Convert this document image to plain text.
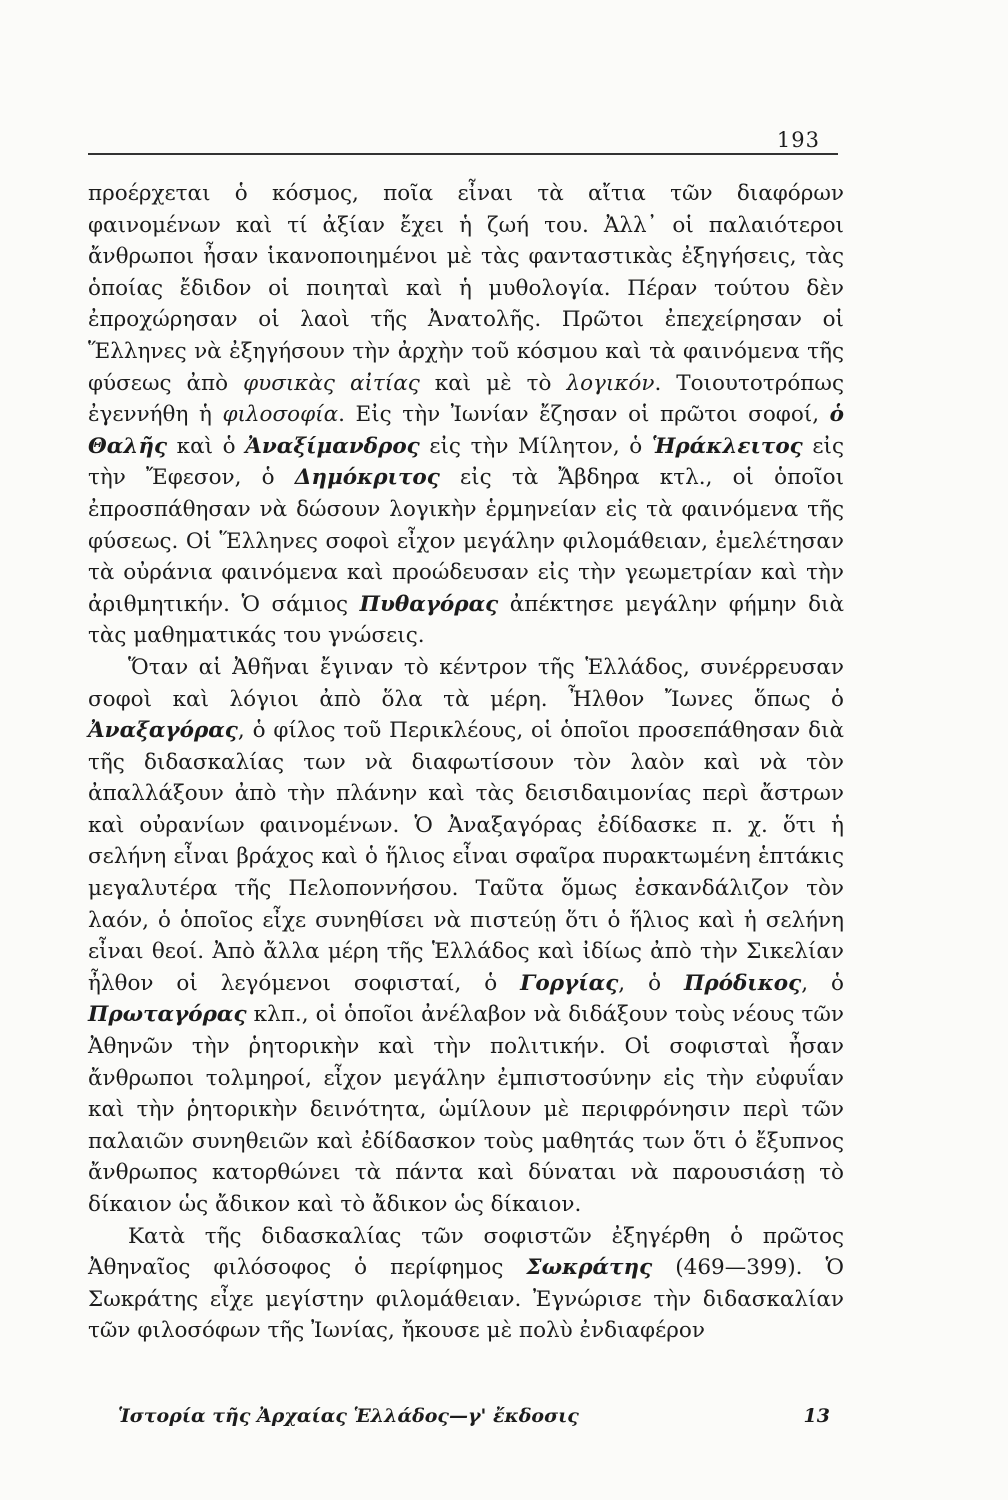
193

προέρχεται ὁ κόσμος, ποῖα εἶναι τὰ αἴτια τῶν διαφόρων φαινομένων καὶ τί ἀξίαν ἔχει ἡ ζωή του. Ἀλλ᾽ οἱ παλαιότεροι ἄνθρωποι ἦσαν ἱκανοποιημένοι μὲ τὰς φανταστικὰς ἐξηγήσεις, τὰς ὁποίας ἔδιδον οἱ ποιηταὶ καὶ ἡ μυθολογία. Πέραν τούτου δὲν ἐπροχώρησαν οἱ λαοὶ τῆς Ἀνατολῆς. Πρῶτοι ἐπεχείρησαν οἱ Ἕλληνες νὰ ἐξηγήσουν τὴν ἀρχὴν τοῦ κόσμου καὶ τὰ φαινόμενα τῆς φύσεως ἀπὸ φυσικὰς αἰτίας καὶ μὲ τὸ λογικόν. Τοιουτοτρόπως ἐγεννήθη ἡ φιλοσοφία. Εἰς τὴν Ἰωνίαν ἔζησαν οἱ πρῶτοι σοφοί, ὁ Θαλῆς καὶ ὁ Ἀναξίμανδρος εἰς τὴν Μίλητον, ὁ Ἡράκλειτος εἰς τὴν Ἔφεσον, ὁ Δημόκριτος εἰς τὰ Ἄβδηρα κτλ., οἱ ὁποῖοι ἐπροσπάθησαν νὰ δώσουν λογικὴν ἑρμηνείαν εἰς τὰ φαινόμενα τῆς φύσεως. Οἱ Ἕλληνες σοφοὶ εἶχον μεγάλην φιλομάθειαν, ἐμελέτησαν τὰ οὐράνια φαινόμενα καὶ προώδευσαν εἰς τὴν γεωμετρίαν καὶ τὴν ἀριθμητικήν. Ὁ σάμιος Πυθαγόρας ἀπέκτησε μεγάλην φήμην διὰ τὰς μαθηματικάς του γνώσεις.

Ὅταν αἱ Ἀθῆναι ἔγιναν τὸ κέντρον τῆς Ἑλλάδος, συνέρρευσαν σοφοὶ καὶ λόγιοι ἀπὸ ὅλα τὰ μέρη. Ἦλθον Ἴωνες ὅπως ὁ Ἀναξαγόρας, ὁ φίλος τοῦ Περικλέους, οἱ ὁποῖοι προσεπάθησαν διὰ τῆς διδασκαλίας των νὰ διαφωτίσουν τὸν λαὸν καὶ νὰ τὸν ἀπαλλάξουν ἀπὸ τὴν πλάνην καὶ τὰς δεισιδαιμονίας περὶ ἄστρων καὶ οὐρανίων φαινομένων. Ὁ Ἀναξαγόρας ἐδίδασκε π. χ. ὅτι ἡ σελήνη εἶναι βράχος καὶ ὁ ἥλιος εἶναι σφαῖρα πυρακτωμένη ἑπτάκις μεγαλυτέρα τῆς Πελοποννήσου. Ταῦτα ὅμως ἐσκανδάλιζον τὸν λαόν, ὁ ὁποῖος εἶχε συνηθίσει νὰ πιστεύῃ ὅτι ὁ ἥλιος καὶ ἡ σελήνη εἶναι θεοί. Ἀπὸ ἄλλα μέρη τῆς Ἑλλάδος καὶ ἰδίως ἀπὸ τὴν Σικελίαν ἦλθον οἱ λεγόμενοι σοφισταί, ὁ Γοργίας, ὁ Πρόδικος, ὁ Πρωταγόρας κλπ., οἱ ὁποῖοι ἀνέλαβον νὰ διδάξουν τοὺς νέους τῶν Ἀθηνῶν τὴν ῥητορικὴν καὶ τὴν πολιτικήν. Οἱ σοφισταὶ ἦσαν ἄνθρωποι τολμηροί, εἶχον μεγάλην ἐμπιστοσύνην εἰς τὴν εὐφυΐαν καὶ τὴν ῥητορικὴν δεινότητα, ὡμίλουν μὲ περιφρόνησιν περὶ τῶν παλαιῶν συνηθειῶν καὶ ἐδίδασκον τοὺς μαθητάς των ὅτι ὁ ἔξυπνος ἄνθρωπος κατορθώνει τὰ πάντα καὶ δύναται νὰ παρουσιάσῃ τὸ δίκαιον ὡς ἄδικον καὶ τὸ ἄδικον ὡς δίκαιον.

Κατὰ τῆς διδασκαλίας τῶν σοφιστῶν ἐξηγέρθη ὁ πρῶτος Ἀθηναῖος φιλόσοφος ὁ περίφημος Σωκράτης (469—399). Ὁ Σωκράτης εἶχε μεγίστην φιλομάθειαν. Ἐγνώρισε τὴν διδασκαλίαν τῶν φιλοσόφων τῆς Ἰωνίας, ἤκουσε μὲ πολὺ ἐνδιαφέρον

Ἱστορία τῆς Ἀρχαίας Ἑλλάδος—γ' ἔκδοσις	13
